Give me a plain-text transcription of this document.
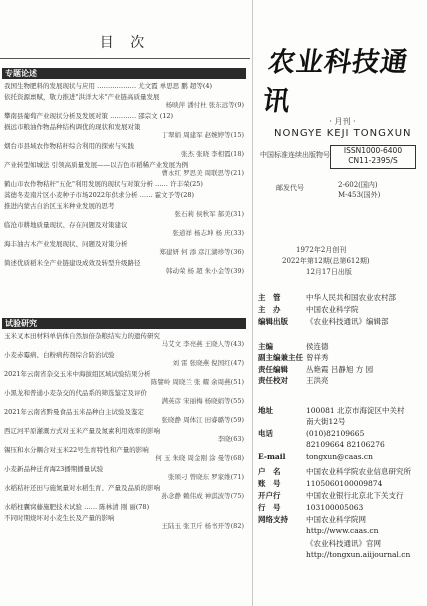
目 次
专题论述
试验研究
我国生物肥料的发展现状与应用 ……………… 尤文霞 单思思 鹏 超等(4)
依托资源禀赋，敬力推进"洪洋大米"产业链高质量发展
杨映萍 潘付杜 张东远等(9)
攀南县葡萄产业现状分析及发展对策 ………… 邵宗文 (12)
损远市粮油作物品种结构调优的现状和发展对策
丁翠娟 周建军 赵婉婷等(15)
烟台市县域农作物秸秆综合利用的探索与实践
张杰 张晓 李相霞(18)
产业转型如城法 引领高质量发展——以吉色市稻稀产业发展为例
曹永红 罗思美 周联思等(21)
鹤山市农作物秸秆"五化"利用发展的现状与对策分析 …… 许丰荣(25)
蒿德冬麦南片区小麦种子市场2022年供求分析 …… 霍文予等(28)
推进内蒙古自治区玉米种业发展的思考
张石莉 侯秋军 郝美(31)
临沧市耕地质量现状、存在问题及对策建议
张道祥 杨志坤 杨 庆(33)
海丰油古木产业发展现状、问题及对策分析
郑建妍 何 添 彦江湖珍等(36)
简述优质稻米全产业链建设成效及转型升级路径
韩动荣 杨 超 朱小金等(39)
玉米叉本田材料单倍体自然加倍杂粮结实力的遗传研究
马艾文 李亮燕 王晓人等(43)
小麦赤霉病、白粉病药剂综合防治试验
刘 雷 张晓燕 倪国红(47)
2021年云南省杂交玉米中海拔组区域试验结果分析
陈譬岭 周晓兰 张 耀 余周燕(51)
小黑龙和普通小麦杂交的代品系的筛选鉴定及评价
满英彦 宋丽梅 杨晓娟等(55)
2021年云南省黔曼食品玉米品种白主试验及鉴定
张晓静 周体江 田睿璐等(59)
西辽河平原灌溉方式对玉米产量及氮素利用效率的影响
李晓(63)
锡压和水分耦合对玉米22号生育特性和产量的影响
何 玉 朱晓 周金刚 涂 曼等(68)
小麦新品种迁育海23播期播量试验
张颂刁 曾晓东 罗家维(71)
水稻秸秆还田与施氮量对水稻生育、产量及品质的影响
孙念静 赖伟成 神淇波等(75)
水稻柱囊窝藤施肥技术试验 …… 陈林清 刚 丽(78)
不同时期烧坏对小麦生长及产量的影响
王陆玉 张卫斤 杨书开等(82)
农业科技通讯
· 月刊 ·
NONGYE KEJI TONGXUN
中国标准连续出版物号	ISSN1000-6400
CN11-2395/S
邮发代号	2-602(国内)
M-453(国外)
1972年2月创刊
2022年第12期(总第612期)
12月17日出版
主　管	中华人民共和国农业农村部
主　办	中国农业科学院
编辑出版 《农业科技通讯》编辑部
主编	侯连德
副主编兼主任 曾祥秀
责任编辑 丛艳霞 吕静旭 方 园
责任校对 王洪亮
地址	100081 北京市海淀区中关村
南大街12号
电话	(010)82109665
82109664 82106276
E-mail	tongxun@caas.cn
户　名	中国农业科学院农业信息研究所
账　号	1105060100009874
开户行	中国农业银行北京北下关支行
行　号	103100005063
网络支持 中国农业科学院网
http://www.caas.cn
《农业科技通讯》官网
http://tongxun.aiijournal.cn
